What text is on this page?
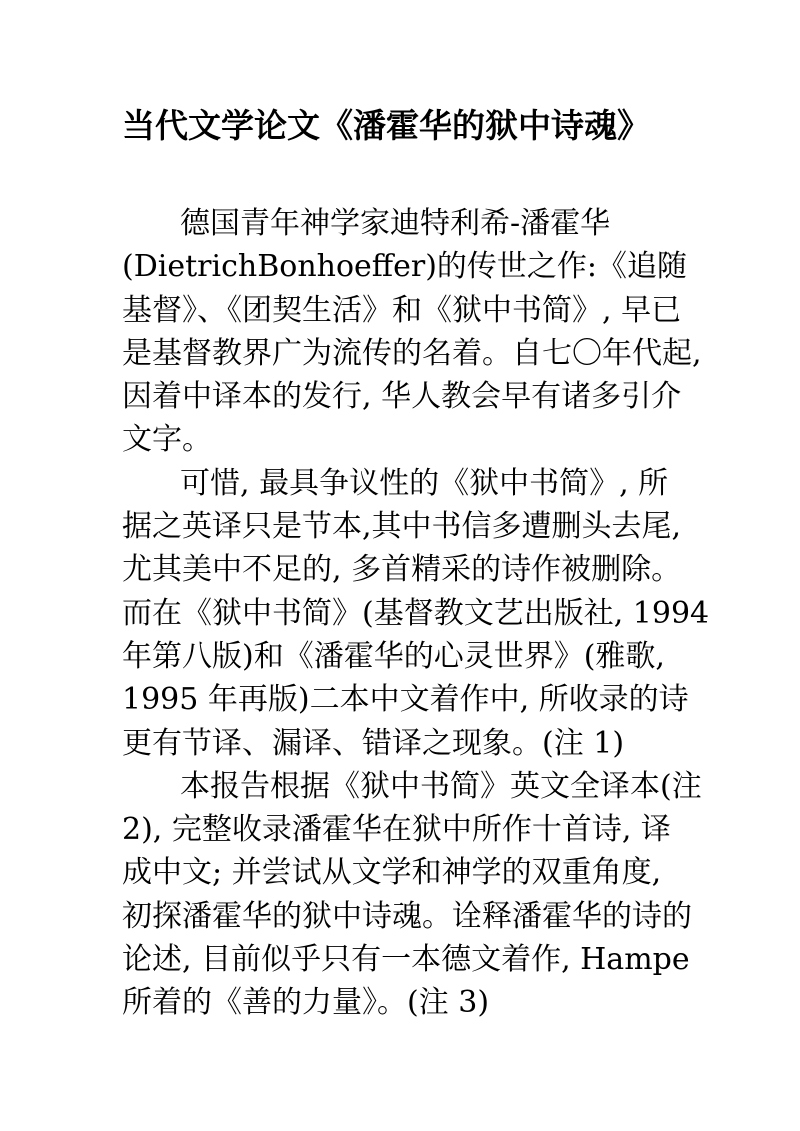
当代文学论文《潘霍华的狱中诗魂》
德国青年神学家迪特利希-潘霍华
(DietrichBonhoeffer)的传世之作:《追随
基督》、《团契生活》和《狱中书简》, 早已
是基督教界广为流传的名着。自七〇年代起,
因着中译本的发行, 华人教会早有诸多引介
文字。
可惜, 最具争议性的《狱中书简》, 所
据之英译只是节本,其中书信多遭删头去尾,
尤其美中不足的, 多首精采的诗作被删除。
而在《狱中书简》(基督教文艺出版社, 1994
年第八版)和《潘霍华的心灵世界》(雅歌,
1995 年再版)二本中文着作中, 所收录的诗
更有节译、漏译、错译之现象。(注 1)
本报告根据《狱中书简》英文全译本(注
2), 完整收录潘霍华在狱中所作十首诗, 译
成中文; 并尝试从文学和神学的双重角度,
初探潘霍华的狱中诗魂。诠释潘霍华的诗的
论述, 目前似乎只有一本德文着作, Hampe
所着的《善的力量》。(注 3)
